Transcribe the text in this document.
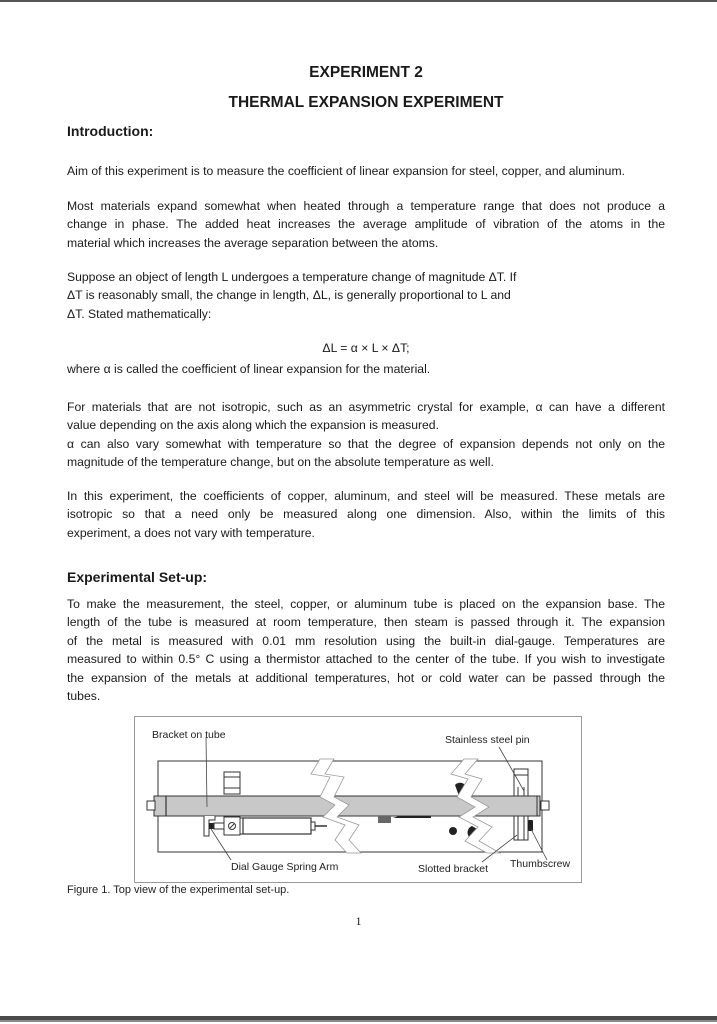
EXPERIMENT 2
THERMAL EXPANSION EXPERIMENT
Introduction:
Aim of this experiment is to measure the coefficient of linear expansion for steel, copper, and aluminum.
Most materials expand somewhat when heated through a temperature range that does not produce a
change in phase. The added heat increases the average amplitude of vibration of the atoms in the
material which increases the average separation between the atoms.
Suppose an object of length L undergoes a temperature change of magnitude ΔT. If
ΔT is reasonably small, the change in length, ΔL, is generally proportional to L and
ΔT. Stated mathematically:
ΔL = α × L × ΔT;
where α is called the coefficient of linear expansion for the material.
For materials that are not isotropic, such as an asymmetric crystal for example, α can have a different
value depending on the axis along which the expansion is measured.
α can also vary somewhat with temperature so that the degree of expansion depends not only on the
magnitude of the temperature change, but on the absolute temperature as well.
In this experiment, the coefficients of copper, aluminum, and steel will be measured. These metals are
isotropic so that a need only be measured along one dimension. Also, within the limits of this
experiment, a does not vary with temperature.
Experimental Set-up:
To make the measurement, the steel, copper, or aluminum tube is placed on the expansion base. The
length of the tube is measured at room temperature, then steam is passed through it. The expansion
of the metal is measured with 0.01 mm resolution using the built-in dial-gauge. Temperatures are
measured to within 0.5° C using a thermistor attached to the center of the tube. If you wish to investigate
the expansion of the metals at additional temperatures, hot or cold water can be passed through the
tubes.
Bracket on tube	Stainless steel pin
Dial Gauge Spring Arm	Slotted bracket Thumbscrew
Figure 1. Top view of the experimental set-up.
1
